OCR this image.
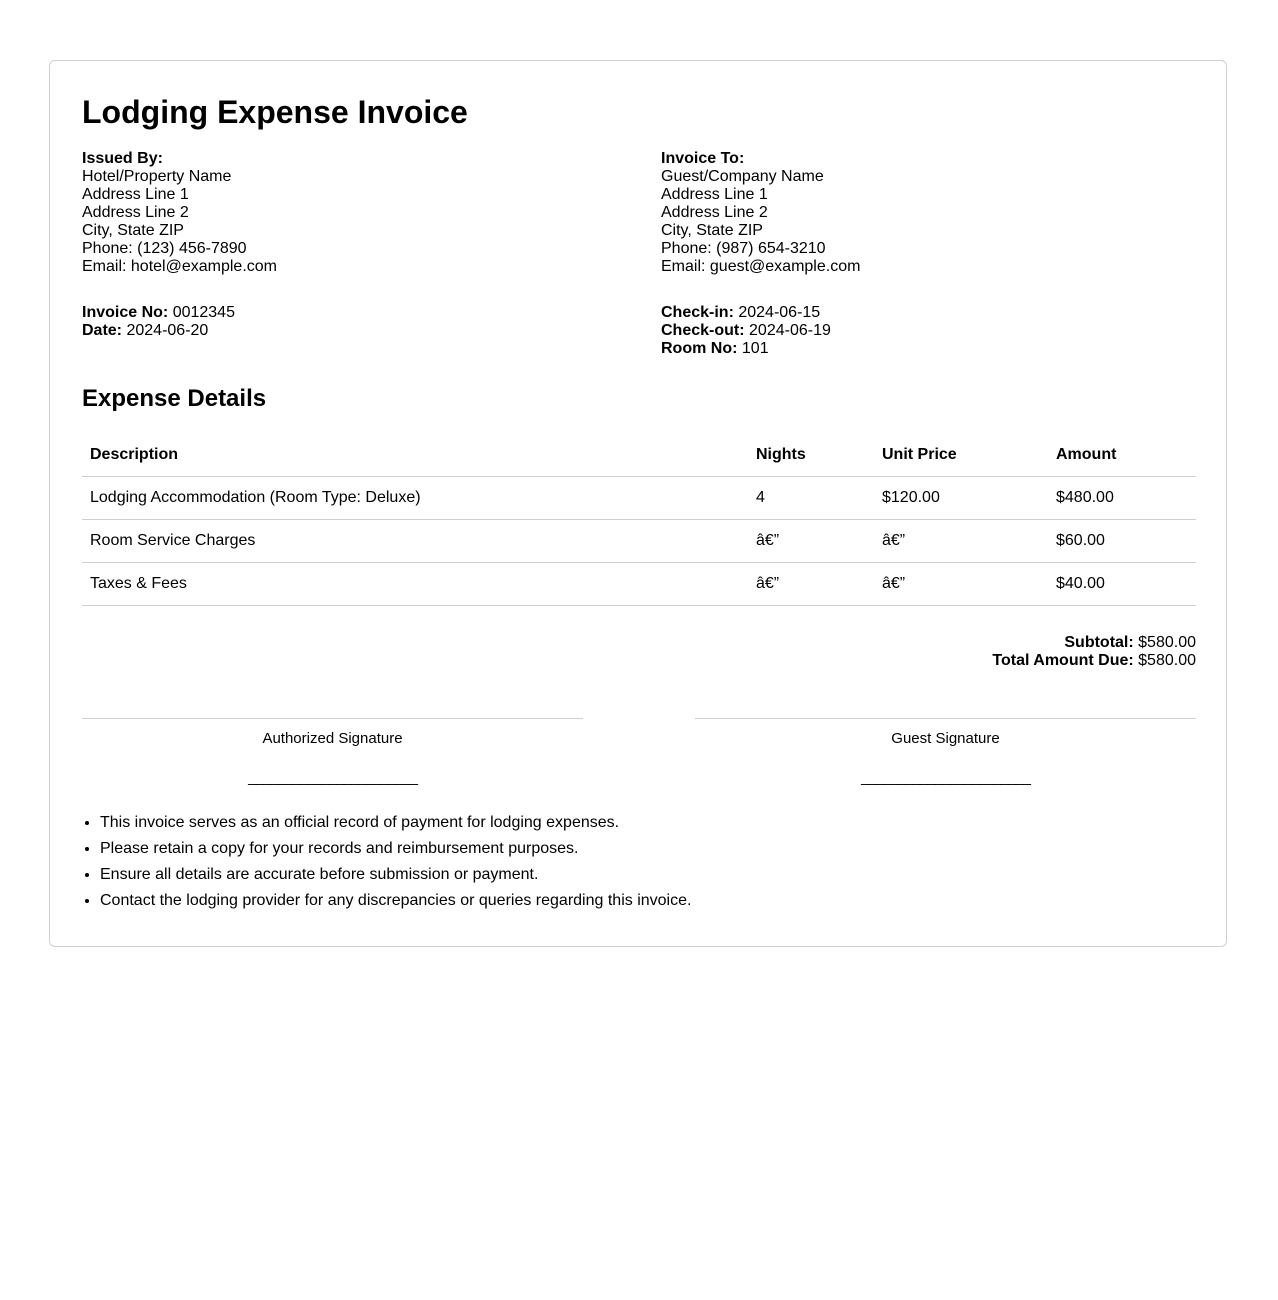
Lodging Expense Invoice
Issued By:
Hotel/Property Name
Address Line 1
Address Line 2
City, State ZIP
Phone: (123) 456-7890
Email: hotel@example.com
Invoice No: 0012345
Date: 2024-06-20
Invoice To:
Guest/Company Name
Address Line 1
Address Line 2
City, State ZIP
Phone: (987) 654-3210
Email: guest@example.com
Check-in: 2024-06-15
Check-out: 2024-06-19
Room No: 101
Expense Details
Description	Nights	Unit Price	Amount
Lodging Accommodation (Room Type: Deluxe)	4	$120.00	$480.00
Room Service Charges	â€”	â€”	$60.00
Taxes & Fees	â€”	â€”	$40.00
Subtotal: $580.00
Total Amount Due: $580.00
Authorized Signature
_______________________
Guest Signature
_______________________
• This invoice serves as an official record of payment for lodging expenses.
• Please retain a copy for your records and reimbursement purposes.
• Ensure all details are accurate before submission or payment.
• Contact the lodging provider for any discrepancies or queries regarding this invoice.
